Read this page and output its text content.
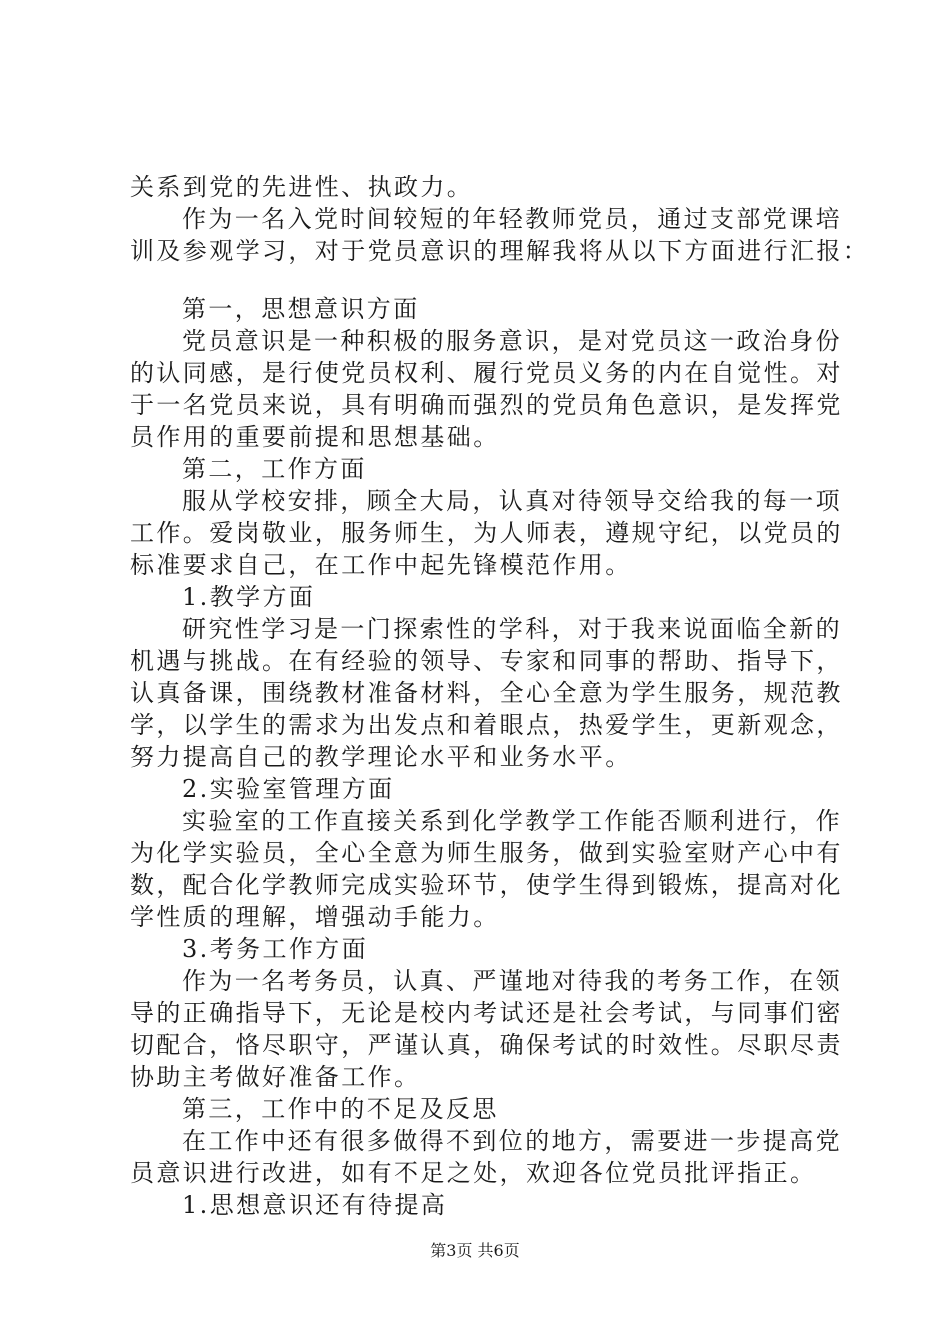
关系到党的先进性、执政力。
作为一名入党时间较短的年轻教师党员，通过支部党课培
训及参观学习，对于党员意识的理解我将从以下方面进行汇报：
第一，思想意识方面
党员意识是一种积极的服务意识，是对党员这一政治身份
的认同感，是行使党员权利、履行党员义务的内在自觉性。对
于一名党员来说，具有明确而强烈的党员角色意识，是发挥党
员作用的重要前提和思想基础。
第二，工作方面
服从学校安排，顾全大局，认真对待领导交给我的每一项
工作。爱岗敬业，服务师生，为人师表，遵规守纪，以党员的
标准要求自己，在工作中起先锋模范作用。
1.教学方面
研究性学习是一门探索性的学科，对于我来说面临全新的
机遇与挑战。在有经验的领导、专家和同事的帮助、指导下，
认真备课，围绕教材准备材料，全心全意为学生服务，规范教
学，以学生的需求为出发点和着眼点，热爱学生，更新观念，
努力提高自己的教学理论水平和业务水平。
2.实验室管理方面
实验室的工作直接关系到化学教学工作能否顺利进行，作
为化学实验员，全心全意为师生服务，做到实验室财产心中有
数，配合化学教师完成实验环节，使学生得到锻炼，提高对化
学性质的理解，增强动手能力。
3.考务工作方面
作为一名考务员，认真、严谨地对待我的考务工作，在领
导的正确指导下，无论是校内考试还是社会考试，与同事们密
切配合，恪尽职守，严谨认真，确保考试的时效性。尽职尽责
协助主考做好准备工作。
第三，工作中的不足及反思
在工作中还有很多做得不到位的地方，需要进一步提高党
员意识进行改进，如有不足之处，欢迎各位党员批评指正。
1.思想意识还有待提高
第3页 共6页
